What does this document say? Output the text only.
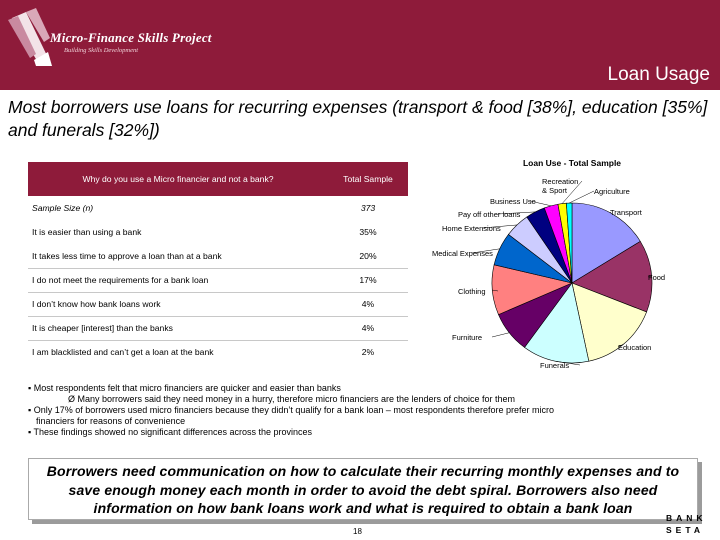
Micro-Finance Skills Project
Building Skills Development
Loan Usage
Most borrowers use loans for recurring expenses (transport & food [38%], education [35%] and funerals [32%])
Why do you use a Micro financier and not a bank?	Total Sample
Sample Size (n)	373
It is easier than using a bank	35%
It takes less time to approve a loan than at a bank	20%
I do not meet the requirements for a bank loan	17%
I don’t know how bank loans work	4%
It is cheaper [interest] than the banks	4%
I am blacklisted and can’t get a loan at the bank	2%
Loan Use - Total Sample
Transport
Food
Education
Funerals
Furniture
Clothing
Medical Expenses
Home Extensions
Pay off other loans
Business Use
Recreation & Sport	Agriculture

▪ Most respondents felt that micro financiers are quicker and easier than banks

Ø Many borrowers said they need money in a hurry, therefore micro financiers are the lenders of choice for them

▪ Only 17% of borrowers used micro financiers because they didn’t qualify for a bank loan – most respondents therefore prefer micro

financiers for reasons of convenience

▪ These findings showed no significant differences across the provinces

Borrowers need communication on how to calculate their recurring monthly expenses and to save enough money each month in order to avoid the debt spiral. Borrowers also need information on how bank loans work and what is required to obtain a bank loan
18
BANK
SETA
